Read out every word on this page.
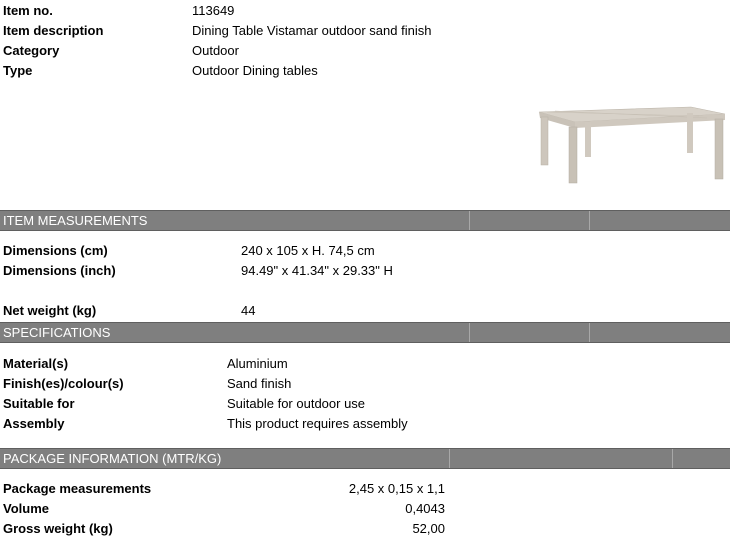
Item no.	113649
Item description	Dining Table Vistamar outdoor sand finish
Category	Outdoor
Type	Outdoor Dining tables
ITEM MEASUREMENTS
Dimensions (cm)	240 x 105 x H. 74,5 cm
Dimensions (inch)	94.49" x 41.34" x 29.33" H
Net weight (kg)	44
SPECIFICATIONS
Material(s)	Aluminium
Finish(es)/colour(s)	Sand finish
Suitable for	Suitable for outdoor use
Assembly	This product requires assembly
PACKAGE INFORMATION (MTR/KG)
Package measurements	2,45 x 0,15 x 1,1
Volume	0,4043
Gross weight (kg)	52,00
